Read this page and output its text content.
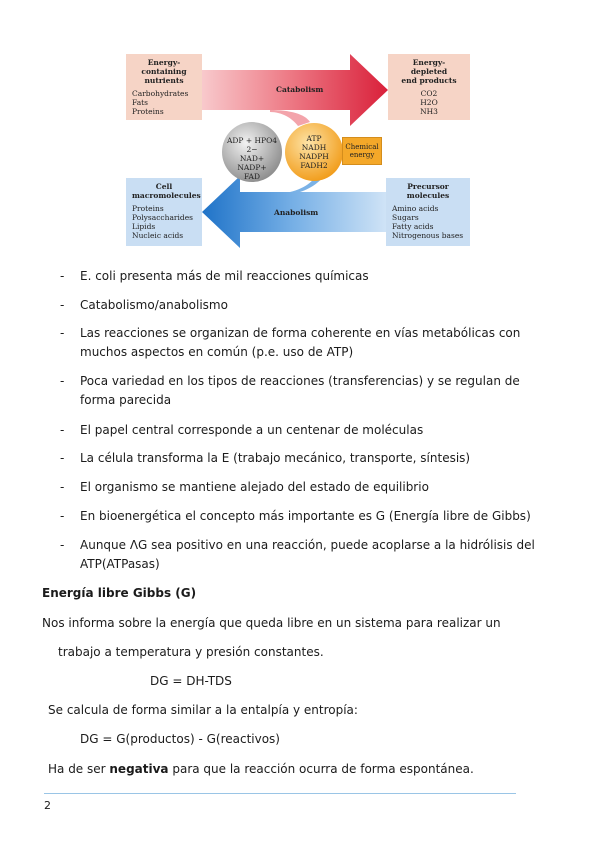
Energy-
containing
nutrients
Carbohydrates
Fats
Proteins
Energy-
depleted
end products
CO2
H2O
NH3
Cell
macromolecules
Proteins
Polysaccharides
Lipids
Nucleic acids
Precursor
molecules
Amino acids
Sugars
Fatty acids
Nitrogenous bases
Catabolism
Anabolism
ADP + HPO4 2−
NAD+
NADP+
FAD
ATP
NADH
NADPH
FADH2
Chemical
energy
- E. coli presenta más de mil reacciones químicas
- Catabolismo/anabolismo
- Las reacciones se organizan de forma coherente en vías metabólicas con muchos aspectos en común (p.e. uso de ATP)
- Poca variedad en los tipos de reacciones (transferencias) y se regulan de forma parecida
- El papel central corresponde a un centenar de moléculas
- La célula transforma la E (trabajo mecánico, transporte, síntesis)
- El organismo se mantiene alejado del estado de equilibrio
- En bioenergética el concepto más importante es G (Energía libre de Gibbs)
- Aunque ΛG sea positivo en una reacción, puede acoplarse a la hidrólisis del ATP(ATPasas)
Energía libre Gibbs (G)
Nos informa sobre la energía que queda libre en un sistema para realizar un
trabajo a temperatura y presión constantes.
DG = DH-TDS
Se calcula de forma similar a la entalpía y entropía:
DG = G(productos) - G(reactivos)
Ha de ser negativa para que la reacción ocurra de forma espontánea.
2
